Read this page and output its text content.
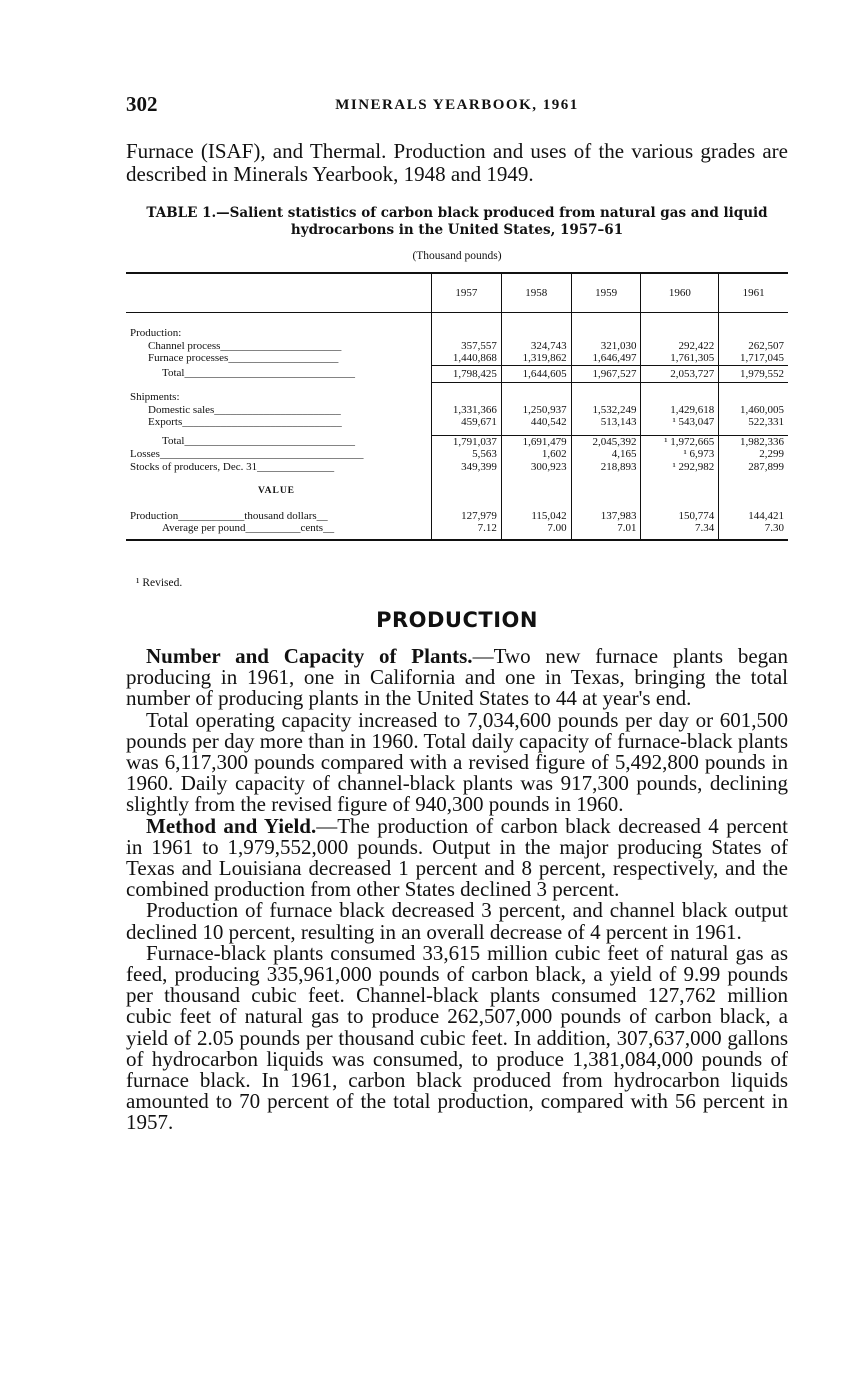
302	MINERALS YEARBOOK, 1961

Furnace (ISAF), and Thermal. Production and uses of the various grades are described in Minerals Yearbook, 1948 and 1949.

TABLE 1.—Salient statistics of carbon black produced from natural gas and liquid hydrocarbons in the United States, 1957–61
(Thousand pounds)
	1957	1958	1959	1960	1961

Production:					
Channel process______________________	357,557	324,743	321,030	292,422	262,507
Furnace processes____________________	1,440,868	1,319,862	1,646,497	1,761,305	1,717,045
Total_______________________________	1,798,425	1,644,605	1,967,527	2,053,727	1,979,552

Shipments:					
Domestic sales_______________________	1,331,366	1,250,937	1,532,249	1,429,618	1,460,005
Exports_____________________________	459,671	440,542	513,143	¹ 543,047	522,331

Total_______________________________	1,791,037	1,691,479	2,045,392	¹ 1,972,665	1,982,336
Losses_____________________________________	5,563	1,602	4,165	¹ 6,973	2,299
Stocks of producers, Dec. 31______________	349,399	300,923	218,893	¹ 292,982	287,899

VALUE					

Production____________thousand dollars__	127,979	115,042	137,983	150,774	144,421
Average per pound__________cents__	7.12	7.00	7.01	7.34	7.30
¹ Revised.
PRODUCTION

Number and Capacity of Plants.—Two new furnace plants began producing in 1961, one in California and one in Texas, bringing the total number of producing plants in the United States to 44 at year's end.

Total operating capacity increased to 7,034,600 pounds per day or 601,500 pounds per day more than in 1960. Total daily capacity of furnace-black plants was 6,117,300 pounds compared with a revised figure of 5,492,800 pounds in 1960. Daily capacity of channel-black plants was 917,300 pounds, declining slightly from the revised figure of 940,300 pounds in 1960.

Method and Yield.—The production of carbon black decreased 4 percent in 1961 to 1,979,552,000 pounds. Output in the major producing States of Texas and Louisiana decreased 1 percent and 8 percent, respectively, and the combined production from other States declined 3 percent.

Production of furnace black decreased 3 percent, and channel black output declined 10 percent, resulting in an overall decrease of 4 percent in 1961.

Furnace-black plants consumed 33,615 million cubic feet of natural gas as feed, producing 335,961,000 pounds of carbon black, a yield of 9.99 pounds per thousand cubic feet. Channel-black plants consumed 127,762 million cubic feet of natural gas to produce 262,507,000 pounds of carbon black, a yield of 2.05 pounds per thousand cubic feet. In addition, 307,637,000 gallons of hydrocarbon liquids was consumed, to produce 1,381,084,000 pounds of furnace black. In 1961, carbon black produced from hydrocarbon liquids amounted to 70 percent of the total production, compared with 56 percent in 1957.
